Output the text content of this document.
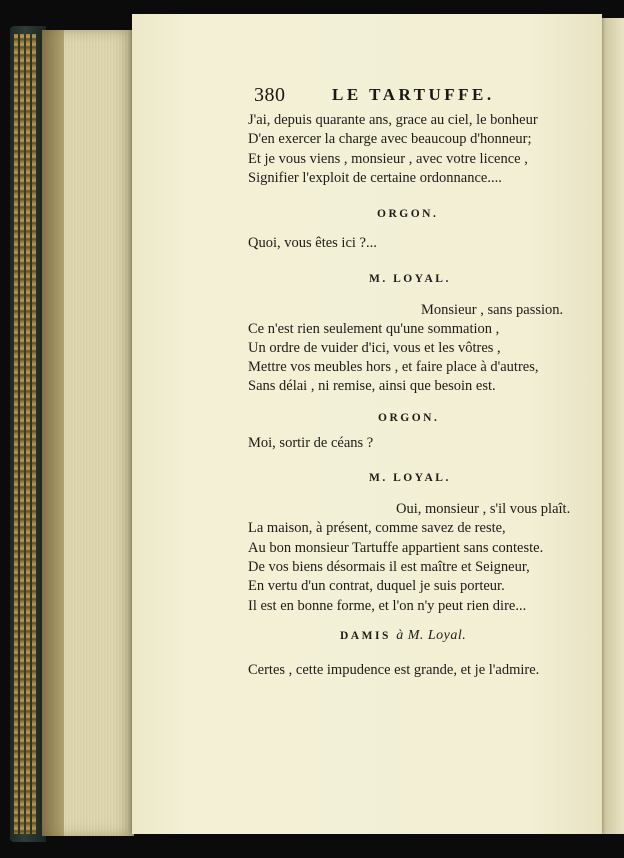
380	LE TARTUFFE.
J'ai, depuis quarante ans, grace au ciel, le bonheur
D'en exercer la charge avec beaucoup d'honneur;
Et je vous viens , monsieur , avec votre licence ,
Signifier l'exploit de certaine ordonnance....
ORGON.
Quoi, vous êtes ici ?...
M. LOYAL.
Monsieur , sans passion.
Ce n'est rien seulement qu'une sommation ,
Un ordre de vuider d'ici, vous et les vôtres ,
Mettre vos meubles hors , et faire place à d'autres,
Sans délai , ni remise, ainsi que besoin est.
ORGON.
Moi, sortir de céans ?
M. LOYAL.
Oui, monsieur , s'il vous plaît.
La maison, à présent, comme savez de reste,
Au bon monsieur Tartuffe appartient sans conteste.
De vos biens désormais il est maître et Seigneur,
En vertu d'un contrat, duquel je suis porteur.
Il est en bonne forme, et l'on n'y peut rien dire...
DAMIS à M. Loyal.
Certes , cette impudence est grande, et je l'admire.
